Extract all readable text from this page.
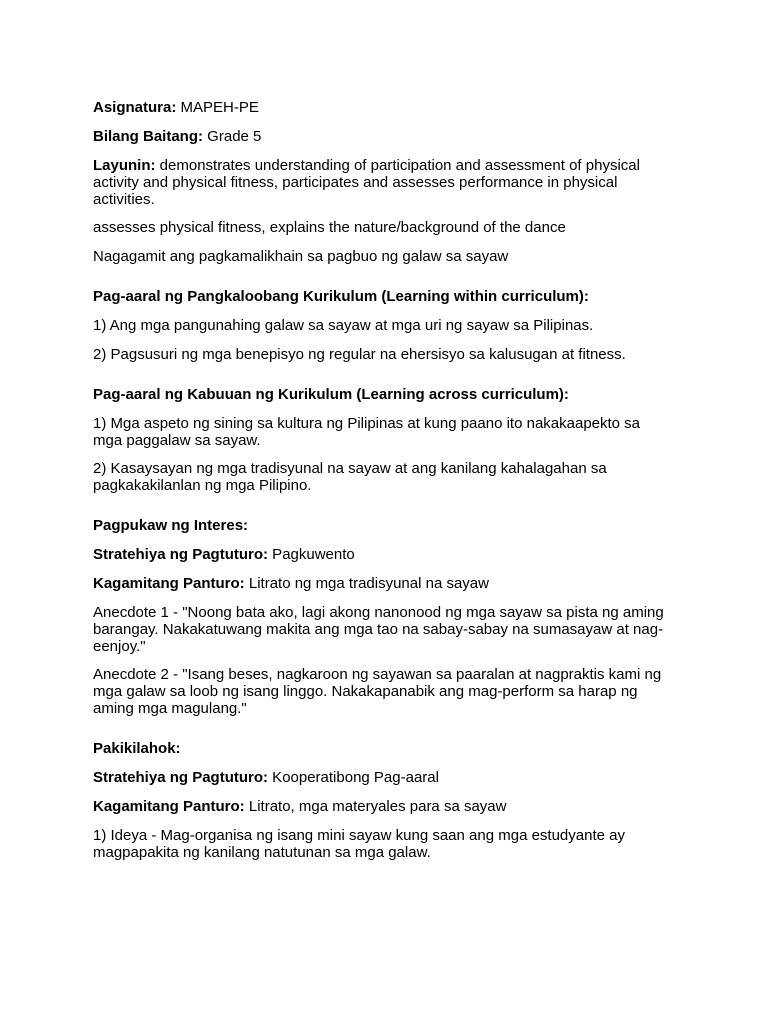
Asignatura: MAPEH-PE

Bilang Baitang: Grade 5

Layunin: demonstrates understanding of participation and assessment of physical activity and physical fitness, participates and assesses performance in physical activities.

assesses physical fitness, explains the nature/background of the dance

Nagagamit ang pagkamalikhain sa pagbuo ng galaw sa sayaw

Pag-aaral ng Pangkaloobang Kurikulum (Learning within curriculum):

1) Ang mga pangunahing galaw sa sayaw at mga uri ng sayaw sa Pilipinas.

2) Pagsusuri ng mga benepisyo ng regular na ehersisyo sa kalusugan at fitness.

Pag-aaral ng Kabuuan ng Kurikulum (Learning across curriculum):

1) Mga aspeto ng sining sa kultura ng Pilipinas at kung paano ito nakakaapekto sa mga paggalaw sa sayaw.

2) Kasaysayan ng mga tradisyunal na sayaw at ang kanilang kahalagahan sa pagkakakilanlan ng mga Pilipino.

Pagpukaw ng Interes:

Stratehiya ng Pagtuturo: Pagkuwento

Kagamitang Panturo: Litrato ng mga tradisyunal na sayaw

Anecdote 1 - "Noong bata ako, lagi akong nanonood ng mga sayaw sa pista ng aming barangay. Nakakatuwang makita ang mga tao na sabay-sabay na sumasayaw at nag-eenjoy."

Anecdote 2 - "Isang beses, nagkaroon ng sayawan sa paaralan at nagpraktis kami ng mga galaw sa loob ng isang linggo. Nakakapanabik ang mag-perform sa harap ng aming mga magulang."

Pakikilahok:

Stratehiya ng Pagtuturo: Kooperatibong Pag-aaral

Kagamitang Panturo: Litrato, mga materyales para sa sayaw

1) Ideya - Mag-organisa ng isang mini sayaw kung saan ang mga estudyante ay magpapakita ng kanilang natutunan sa mga galaw.
